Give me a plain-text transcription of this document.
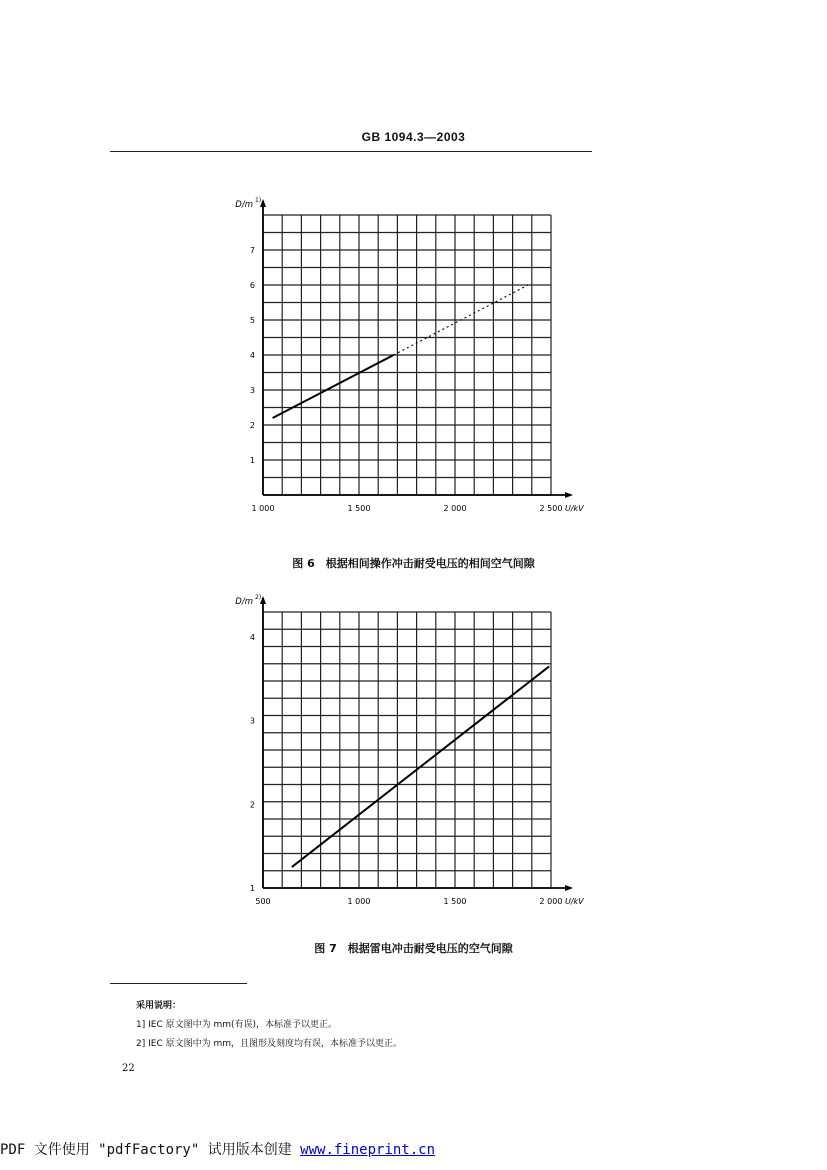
GB 1094.3—2003
1
2
3
4
5
6
7
1 000	1 500	2 000	2 500
D/m 1)
U/kV
图 6　根据相间操作冲击耐受电压的相间空气间隙
1
2
3
4
500	1 000	1 500	2 000
D/m 2)
U/kV
图 7　根据雷电冲击耐受电压的空气间隙
采用说明：
1] IEC 原文图中为 mm(有误)，本标准予以更正。
2] IEC 原文图中为 mm，且图形及刻度均有误，本标准予以更正。
22
PDF 文件使用 "pdfFactory" 试用版本创建 www.fineprint.cn
